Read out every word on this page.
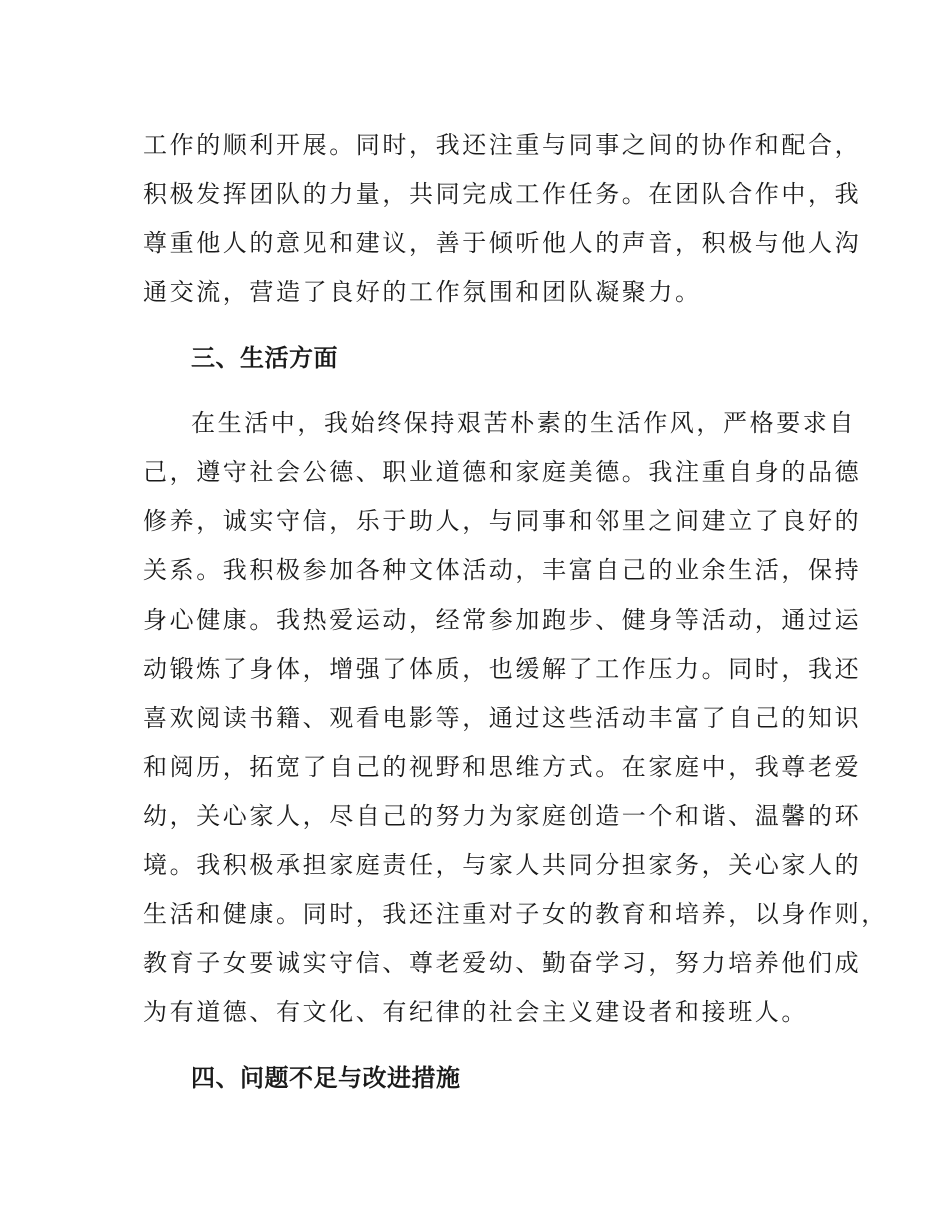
工作的顺利开展。同时，我还注重与同事之间的协作和配合，
积极发挥团队的力量，共同完成工作任务。在团队合作中，我
尊重他人的意见和建议，善于倾听他人的声音，积极与他人沟
通交流，营造了良好的工作氛围和团队凝聚力。
三、生活方面
在生活中，我始终保持艰苦朴素的生活作风，严格要求自
己，遵守社会公德、职业道德和家庭美德。我注重自身的品德
修养，诚实守信，乐于助人，与同事和邻里之间建立了良好的
关系。我积极参加各种文体活动，丰富自己的业余生活，保持
身心健康。我热爱运动，经常参加跑步、健身等活动，通过运
动锻炼了身体，增强了体质，也缓解了工作压力。同时，我还
喜欢阅读书籍、观看电影等，通过这些活动丰富了自己的知识
和阅历，拓宽了自己的视野和思维方式。在家庭中，我尊老爱
幼，关心家人，尽自己的努力为家庭创造一个和谐、温馨的环
境。我积极承担家庭责任，与家人共同分担家务，关心家人的
生活和健康。同时，我还注重对子女的教育和培养，以身作则，
教育子女要诚实守信、尊老爱幼、勤奋学习，努力培养他们成
为有道德、有文化、有纪律的社会主义建设者和接班人。
四、问题不足与改进措施
